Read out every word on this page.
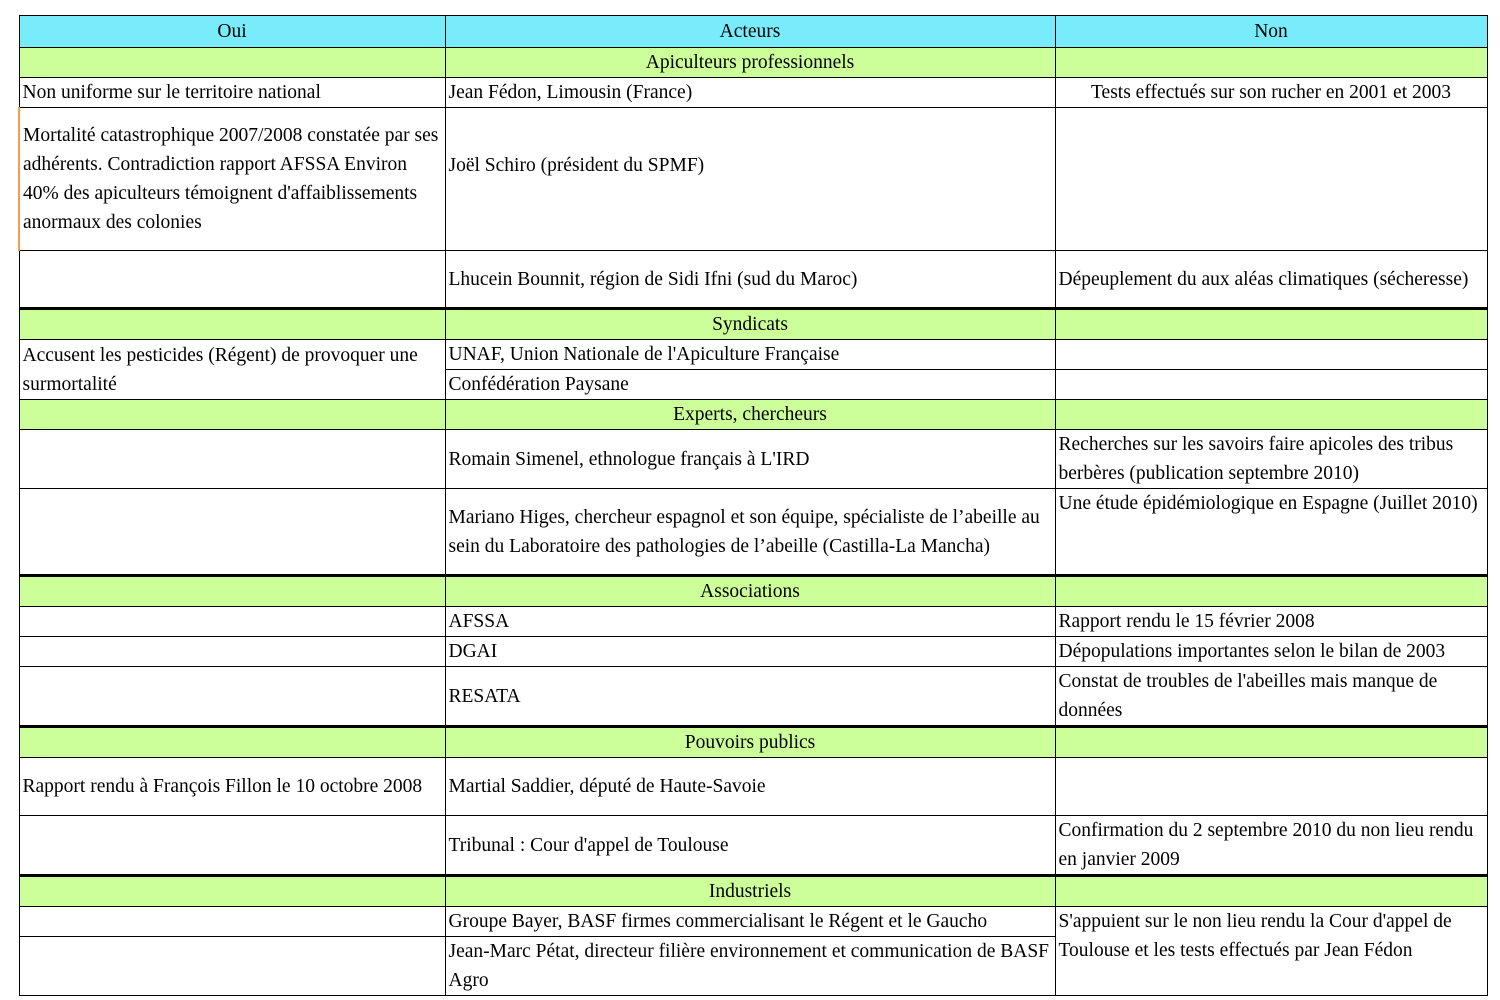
Oui	Acteurs	Non
	Apiculteurs professionnels	
Non uniforme sur le territoire national	Jean Fédon, Limousin (France)	Tests effectués sur son rucher en 2001 et 2003
Mortalité catastrophique 2007/2008 constatée par ses adhérents. Contradiction rapport AFSSA Environ 40% des apiculteurs témoignent d'affaiblissements anormaux des colonies	Joël Schiro (président du SPMF)	
	Lhucein Bounnit, région de Sidi Ifni (sud du Maroc)	Dépeuplement du aux aléas climatiques (sécheresse)
	Syndicats	
Accusent les pesticides (Régent) de provoquer une surmortalité	UNAF, Union Nationale de l'Apiculture Française	
	Confédération Paysane	
	Experts, chercheurs	
	Romain Simenel, ethnologue français à L'IRD	Recherches sur les savoirs faire apicoles des tribus berbères (publication septembre 2010)
	Mariano Higes, chercheur espagnol et son équipe, spécialiste de l’abeille au sein du Laboratoire des pathologies de l’abeille (Castilla-La Mancha)	Une étude épidémiologique en Espagne (Juillet 2010)
	Associations	
	AFSSA	Rapport rendu le 15 février 2008
	DGAI	Dépopulations importantes selon le bilan de 2003
	RESATA	Constat de troubles de l'abeilles mais manque de données
	Pouvoirs publics	
Rapport rendu à François Fillon le 10 octobre 2008	Martial Saddier, député de Haute-Savoie	
	Tribunal : Cour d'appel de Toulouse	Confirmation du 2 septembre 2010 du non lieu rendu en janvier 2009
	Industriels	
	Groupe Bayer, BASF firmes commercialisant le Régent et le Gaucho	S'appuient sur le non lieu rendu la Cour d'appel de Toulouse et les tests effectués par Jean Fédon
	Jean-Marc Pétat, directeur filière environnement et communication de BASF Agro	
